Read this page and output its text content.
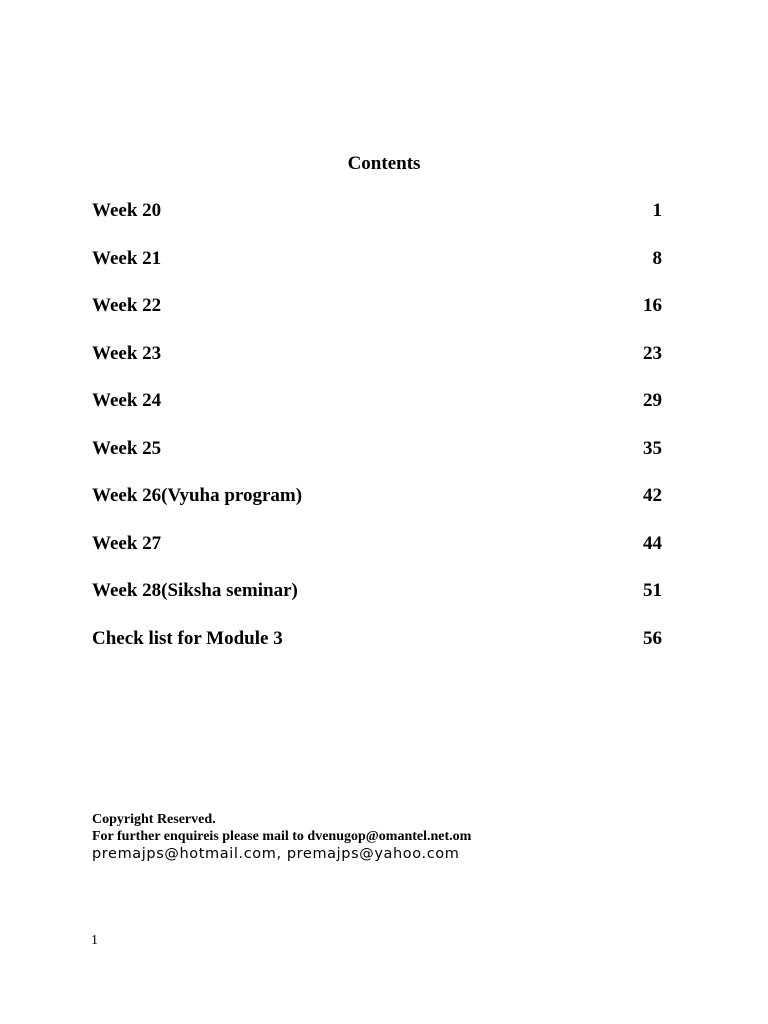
Contents
Week 20	1
Week 21	8
Week 22	16
Week 23	23
Week 24	29
Week 25	35
Week 26(Vyuha program)	42
Week 27	44
Week 28(Siksha seminar)	51
Check list for Module 3	56
Copyright Reserved.
For further enquireis please mail to dvenugop@omantel.net.om
premajps@hotmail.com, premajps@yahoo.com
1
